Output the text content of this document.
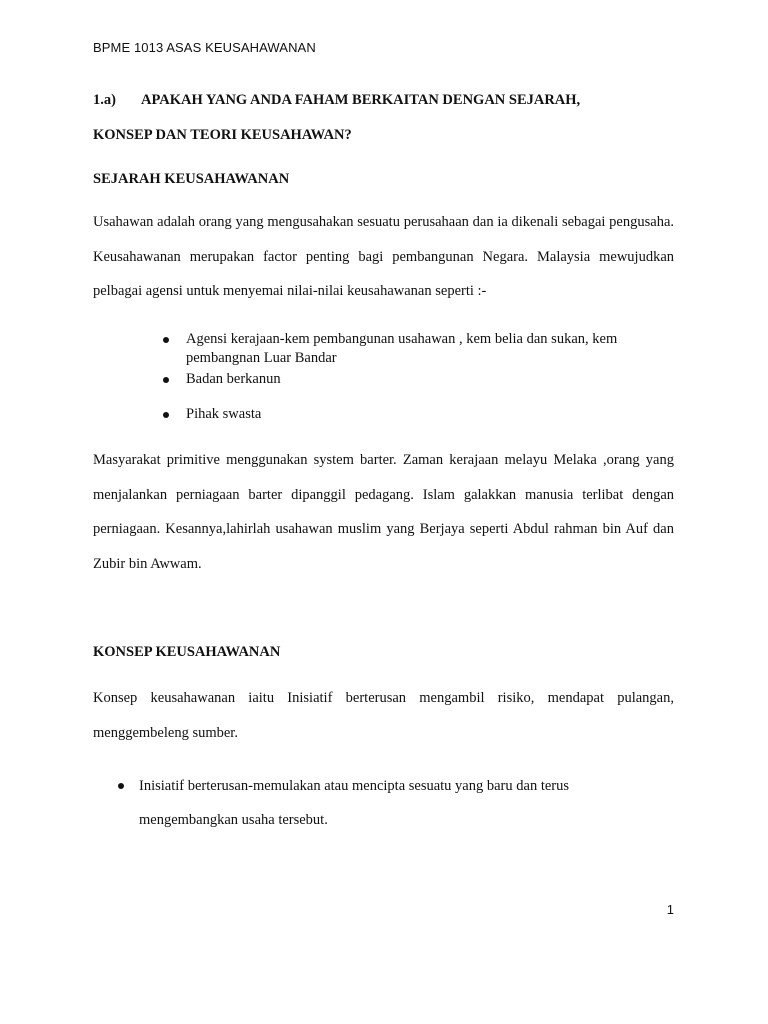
BPME 1013 ASAS KEUSAHAWANAN
1.a) APAKAH YANG ANDA FAHAM BERKAITAN DENGAN SEJARAH,
KONSEP DAN TEORI KEUSAHAWAN?
SEJARAH KEUSAHAWANAN

Usahawan adalah orang yang mengusahakan sesuatu perusahaan dan ia dikenali sebagai pengusaha. Keusahawanan merupakan factor penting bagi pembangunan Negara. Malaysia mewujudkan pelbagai agensi untuk menyemai nilai-nilai keusahawanan seperti :-

Agensi kerajaan-kem pembangunan usahawan , kem belia dan sukan, kem pembangnan Luar Bandar
Badan berkanun
Pihak swasta

Masyarakat primitive menggunakan system barter. Zaman kerajaan melayu Melaka ,orang yang menjalankan perniagaan barter dipanggil pedagang. Islam galakkan manusia terlibat dengan perniagaan. Kesannya,lahirlah usahawan muslim yang Berjaya seperti Abdul rahman bin Auf dan Zubir bin Awwam.

KONSEP KEUSAHAWANAN

Konsep keusahawanan iaitu Inisiatif berterusan mengambil risiko, mendapat pulangan, menggembeleng sumber.

Inisiatif berterusan-memulakan atau mencipta sesuatu yang baru dan terus mengembangkan usaha tersebut.
1
